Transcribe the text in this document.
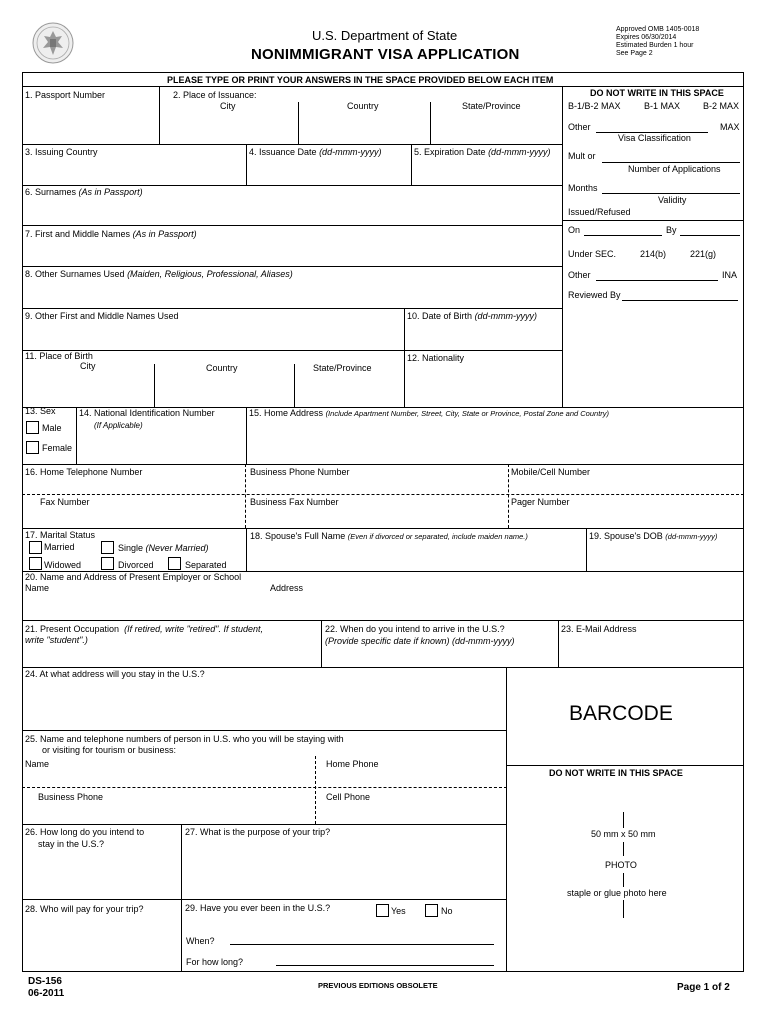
U.S. Department of State
NONIMMIGRANT VISA APPLICATION
Approved OMB 1405-0018
Expires 06/30/2014
Estimated Burden 1 hour
See Page 2
PLEASE TYPE OR PRINT YOUR ANSWERS IN THE SPACE PROVIDED BELOW EACH ITEM
DO NOT WRITE IN THIS SPACE
B-1/B-2 MAX	B-1 MAX	B-2 MAX
Other	MAX
Visa Classification
Mult or
Number of Applications
Months
Validity
Issued/Refused
On	By
Under SEC.	214(b)	221(g)
Other	INA
Reviewed By
1. Passport Number	2. Place of Issuance:
City	Country	State/Province
3. Issuing Country	4. Issuance Date (dd-mmm-yyyy)	5. Expiration Date (dd-mmm-yyyy)
6. Surnames (As in Passport)
7. First and Middle Names (As in Passport)
8. Other Surnames Used (Maiden, Religious, Professional, Aliases)
9. Other First and Middle Names Used	10. Date of Birth (dd-mmm-yyyy)
11. Place of Birth
City	Country	State/Province
12. Nationality
13. Sex
Male
Female
14. National Identification Number
(If Applicable)
15. Home Address (Include Apartment Number, Street, City, State or Province, Postal Zone and Country)
16. Home Telephone Number	Business Phone Number	Mobile/Cell Number
Fax Number	Business Fax Number	Pager Number
17. Marital Status
Married	Single (Never Married)
Widowed	Divorced	Separated
18. Spouse's Full Name (Even if divorced or separated, include maiden name.)	19. Spouse's DOB (dd-mmm-yyyy)
20. Name and Address of Present Employer or School
Name	Address
21. Present Occupation (If retired, write "retired". If student,
write "student".)
22. When do you intend to arrive in the U.S.?
(Provide specific date if known) (dd-mmm-yyyy)
23. E-Mail Address
BARCODE
DO NOT WRITE IN THIS SPACE
50 mm x 50 mm
PHOTO
staple or glue photo here
24. At what address will you stay in the U.S.?
25. Name and telephone numbers of person in U.S. who you will be staying with
or visiting for tourism or business:
Name	Home Phone
Business Phone	Cell Phone
26. How long do you intend to
stay in the U.S.?
27. What is the purpose of your trip?
28. Who will pay for your trip?	29. Have you ever been in the U.S.?	Yes	No
When?
For how long?
DS-156
06-2011
PREVIOUS EDITIONS OBSOLETE	Page 1 of 2
